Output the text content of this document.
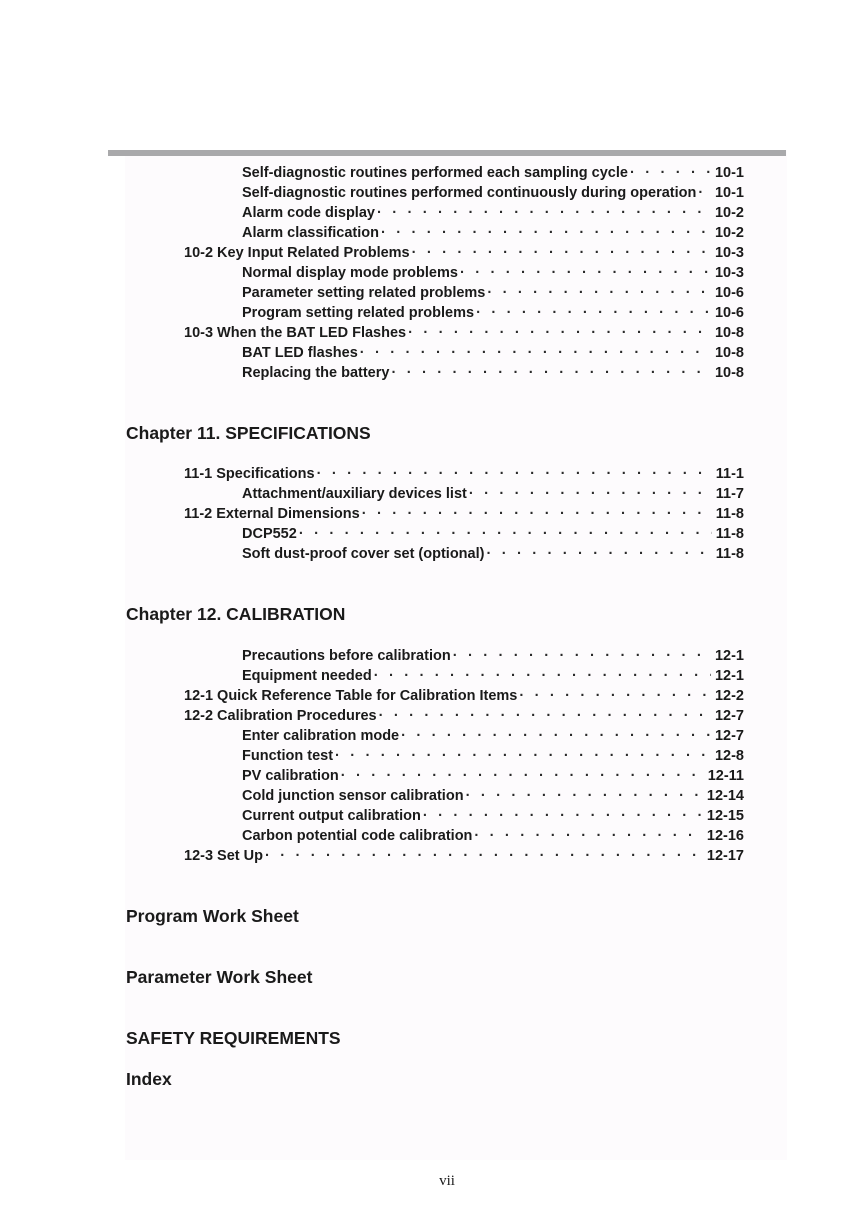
Self-diagnostic routines performed each sampling cycle · · ·	10-1
Self-diagnostic routines performed continuously during operation · · · 10-1
Alarm code display · · ·	10-2
Alarm classification · · ·	10-2
10-2 Key Input Related Problems · · ·	10-3
Normal display mode problems · · ·	10-3
Parameter setting related problems · · ·	10-6
Program setting related problems · · ·	10-6
10-3 When the BAT LED Flashes · · ·	10-8
BAT LED flashes · · ·	10-8
Replacing the battery · · ·	10-8
Chapter 11. SPECIFICATIONS
11-1 Specifications · · ·	11-1
Attachment/auxiliary devices list · · ·	11-7
11-2 External Dimensions · · ·	11-8
DCP552 · · ·	11-8
Soft dust-proof cover set (optional) · · ·	11-8
Chapter 12. CALIBRATION
Precautions before calibration · · ·	12-1
Equipment needed · · ·	12-1
12-1 Quick Reference Table for Calibration Items · · ·	12-2
12-2 Calibration Procedures · · ·	12-7
Enter calibration mode · · ·	12-7
Function test · · ·	12-8
PV calibration · · ·	12-11
Cold junction sensor calibration · · ·	12-14
Current output calibration · · ·	12-15
Carbon potential code calibration · · ·	12-16
12-3 Set Up · · ·	12-17
Program Work Sheet
Parameter Work Sheet
SAFETY REQUIREMENTS
Index
vii
